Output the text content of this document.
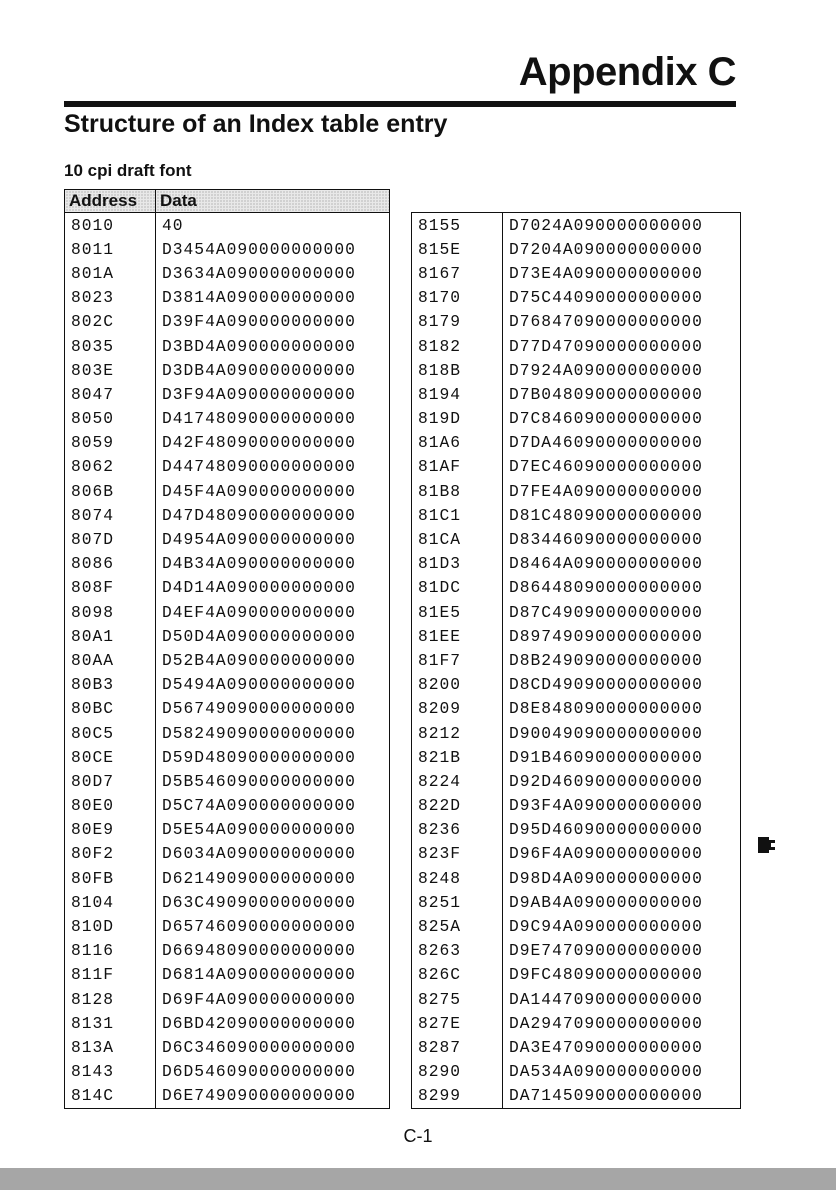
Appendix C
Structure of an Index table entry
10 cpi draft font
Address	Data
8010	40
8011	D3454A090000000000
801A	D3634A090000000000
8023	D3814A090000000000
802C	D39F4A090000000000
8035	D3BD4A090000000000
803E	D3DB4A090000000000
8047	D3F94A090000000000
8050	D41748090000000000
8059	D42F48090000000000
8062	D44748090000000000
806B	D45F4A090000000000
8074	D47D48090000000000
807D	D4954A090000000000
8086	D4B34A090000000000
808F	D4D14A090000000000
8098	D4EF4A090000000000
80A1	D50D4A090000000000
80AA	D52B4A090000000000
80B3	D5494A090000000000
80BC	D56749090000000000
80C5	D58249090000000000
80CE	D59D48090000000000
80D7	D5B546090000000000
80E0	D5C74A090000000000
80E9	D5E54A090000000000
80F2	D6034A090000000000
80FB	D62149090000000000
8104	D63C49090000000000
810D	D65746090000000000
8116	D66948090000000000
811F	D6814A090000000000
8128	D69F4A090000000000
8131	D6BD42090000000000
813A	D6C346090000000000
8143	D6D546090000000000
814C	D6E749090000000000
8155	D7024A090000000000
815E	D7204A090000000000
8167	D73E4A090000000000
8170	D75C44090000000000
8179	D76847090000000000
8182	D77D47090000000000
818B	D7924A090000000000
8194	D7B048090000000000
819D	D7C846090000000000
81A6	D7DA46090000000000
81AF	D7EC46090000000000
81B8	D7FE4A090000000000
81C1	D81C48090000000000
81CA	D83446090000000000
81D3	D8464A090000000000
81DC	D86448090000000000
81E5	D87C49090000000000
81EE	D89749090000000000
81F7	D8B249090000000000
8200	D8CD49090000000000
8209	D8E848090000000000
8212	D90049090000000000
821B	D91B46090000000000
8224	D92D46090000000000
822D	D93F4A090000000000
8236	D95D46090000000000
823F	D96F4A090000000000
8248	D98D4A090000000000
8251	D9AB4A090000000000
825A	D9C94A090000000000
8263	D9E747090000000000
826C	D9FC48090000000000
8275	DA1447090000000000
827E	DA2947090000000000
8287	DA3E47090000000000
8290	DA534A090000000000
8299	DA7145090000000000
C-1
